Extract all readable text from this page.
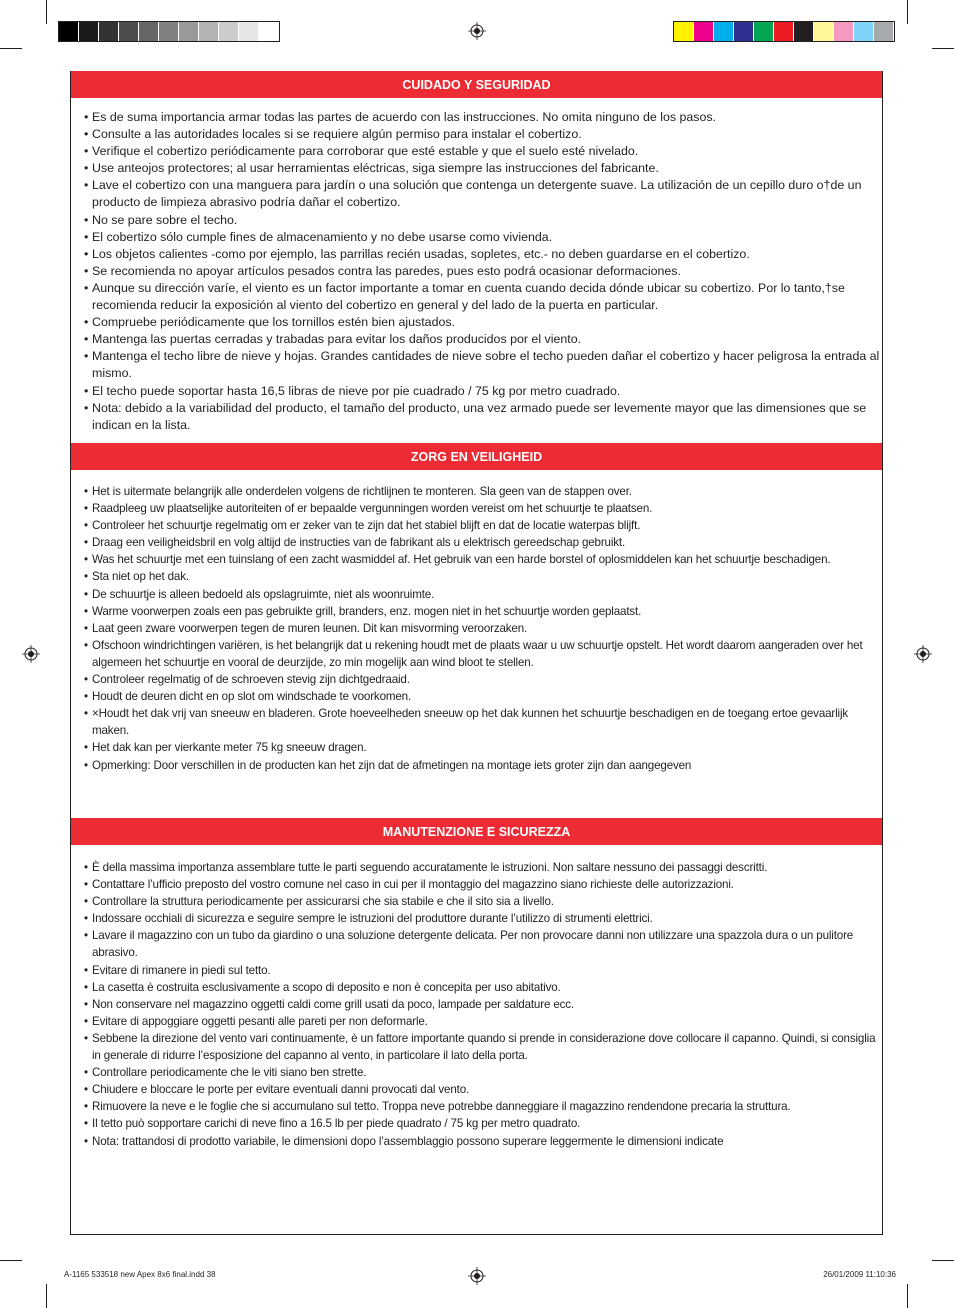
CUIDADO Y SEGURIDAD
• Es de suma importancia armar todas las partes de acuerdo con las instrucciones. No omita ninguno de los pasos.
• Consulte a las autoridades locales si se requiere algún permiso para instalar el cobertizo.
• Verifique el cobertizo periódicamente para corroborar que esté estable y que el suelo esté nivelado.
• Use anteojos protectores; al usar herramientas eléctricas, siga siempre las instrucciones del fabricante.
• Lave el cobertizo con una manguera para jardín o una solución que contenga un detergente suave. La utilización de un cepillo duro o†de un producto de limpieza abrasivo podría dañar el cobertizo.
• No se pare sobre el techo.
• El cobertizo sólo cumple fines de almacenamiento y no debe usarse como vivienda.
• Los objetos calientes -como por ejemplo, las parrillas recién usadas, sopletes, etc.- no deben guardarse en el cobertizo.
• Se recomienda no apoyar artículos pesados contra las paredes, pues esto podrá ocasionar deformaciones.
• Aunque su dirección varíe, el viento es un factor importante a tomar en cuenta cuando decida dónde ubicar su cobertizo. Por lo tanto,†se recomienda reducir la exposición al viento del cobertizo en general y del lado de la puerta en particular.
• Compruebe periódicamente que los tornillos estén bien ajustados.
• Mantenga las puertas cerradas y trabadas para evitar los daños producidos por el viento.
• Mantenga el techo libre de nieve y hojas. Grandes cantidades de nieve sobre el techo pueden dañar el cobertizo y hacer peligrosa la entrada al mismo.
• El techo puede soportar hasta 16,5 libras de nieve por pie cuadrado / 75 kg por metro cuadrado.
• Nota: debido a la variabilidad del producto, el tamaño del producto, una vez armado puede ser levemente mayor que las dimensiones que se indican en la lista.
ZORG EN VEILIGHEID
• Het is uitermate belangrijk alle onderdelen volgens de richtlijnen te monteren. Sla geen van de stappen over.
• Raadpleeg uw plaatselijke autoriteiten of er bepaalde vergunningen worden vereist om het schuurtje te plaatsen.
• Controleer het schuurtje regelmatig om er zeker van te zijn dat het stabiel blijft en dat de locatie waterpas blijft.
• Draag een veiligheidsbril en volg altijd de instructies van de fabrikant als u elektrisch gereedschap gebruikt.
• Was het schuurtje met een tuinslang of een zacht wasmiddel af. Het gebruik van een harde borstel of oplosmiddelen kan het schuurtje beschadigen.
• Sta niet op het dak.
• De schuurtje is alleen bedoeld als opslagruimte, niet als woonruimte.
• Warme voorwerpen zoals een pas gebruikte grill, branders, enz. mogen niet in het schuurtje worden geplaatst.
• Laat geen zware voorwerpen tegen de muren leunen. Dit kan misvorming veroorzaken.
• Ofschoon windrichtingen variëren, is het belangrijk dat u rekening houdt met de plaats waar u uw schuurtje opstelt. Het wordt daarom aangeraden over het algemeen het schuurtje en vooral de deurzijde, zo min mogelijk aan wind bloot te stellen.
• Controleer regelmatig of de schroeven stevig zijn dichtgedraaid.
• Houdt de deuren dicht en op slot om windschade te voorkomen.
• ×Houdt het dak vrij van sneeuw en bladeren. Grote hoeveelheden sneeuw op het dak kunnen het schuurtje beschadigen en de toegang ertoe gevaarlijk maken.
• Het dak kan per vierkante meter 75 kg sneeuw dragen.
• Opmerking: Door verschillen in de producten kan het zijn dat de afmetingen na montage iets groter zijn dan aangegeven
MANUTENZIONE E SICUREZZA
• È della massima importanza assemblare tutte le parti seguendo accuratamente le istruzioni. Non saltare nessuno dei passaggi descritti.
• Contattare l’ufficio preposto del vostro comune nel caso in cui per il montaggio del magazzino siano richieste delle autorizzazioni.
• Controllare la struttura periodicamente per assicurarsi che sia stabile e che il sito sia a livello.
• Indossare occhiali di sicurezza e seguire sempre le istruzioni del produttore durante l’utilizzo di strumenti elettrici.
• Lavare il magazzino con un tubo da giardino o una soluzione detergente delicata. Per non provocare danni non utilizzare una spazzola dura o un pulitore abrasivo.
• Evitare di rimanere in piedi sul tetto.
• La casetta è costruita esclusivamente a scopo di deposito e non è concepita per uso abitativo.
• Non conservare nel magazzino oggetti caldi come grill usati da poco, lampade per saldature ecc.
• Evitare di appoggiare oggetti pesanti alle pareti per non deformarle.
• Sebbene la direzione del vento vari continuamente, è un fattore importante quando si prende in considerazione dove collocare il capanno. Quindi, si consiglia in generale di ridurre l’esposizione del capanno al vento, in particolare il lato della porta.
• Controllare periodicamente che le viti siano ben strette.
• Chiudere e bloccare le porte per evitare eventuali danni provocati dal vento.
• Rimuovere la neve e le foglie che si accumulano sul tetto. Troppa neve potrebbe danneggiare il magazzino rendendone precaria la struttura.
• Il tetto può sopportare carichi di neve fino a 16.5 lb per piede quadrato / 75 kg per metro quadrato.
• Nota: trattandosi di prodotto variabile, le dimensioni dopo l’assemblaggio possono superare leggermente le dimensioni indicate
A-1165 533518 new Apex 8x6 final.indd 38	26/01/2009 11:10:36
